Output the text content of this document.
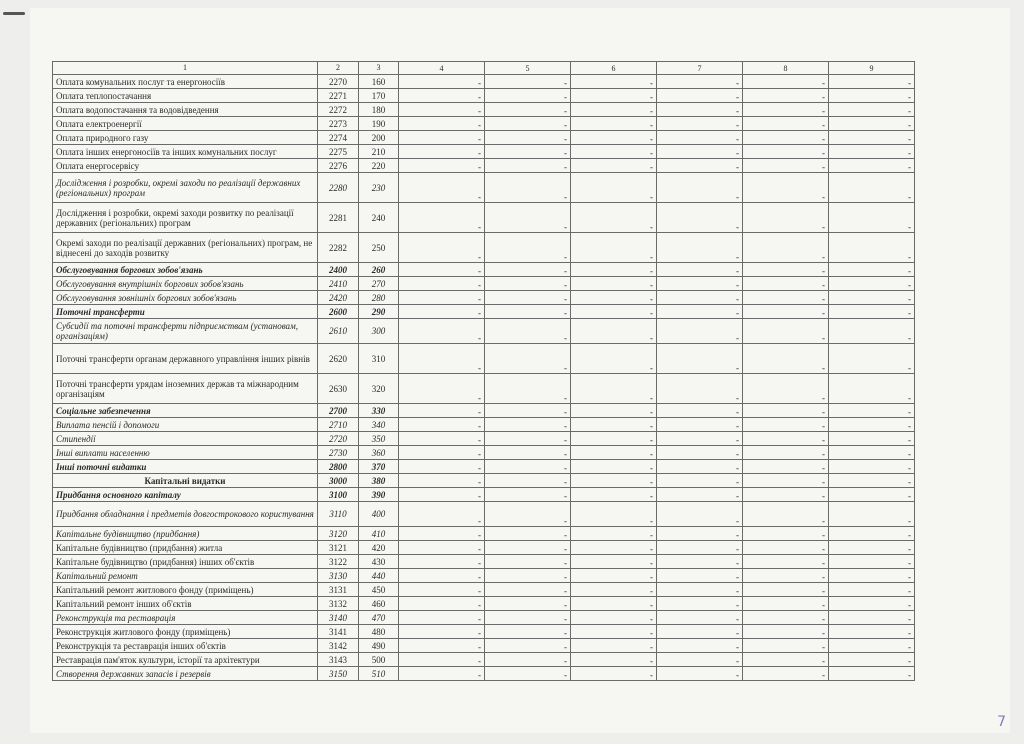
1	2	3	4	5	6	7	8	9
Оплата комунальних послуг та енергоносіїв	2270	160	-	-	-	-	-	-
Оплата теплопостачання	2271	170	-	-	-	-	-	-
Оплата водопостачання та водовідведення	2272	180	-	-	-	-	-	-
Оплата електроенергії	2273	190	-	-	-	-	-	-
Оплата природного газу	2274	200	-	-	-	-	-	-
Оплата інших енергоносіїв та інших комунальних послуг	2275	210	-	-	-	-	-	-
Оплата енергосервісу	2276	220	-	-	-	-	-	-
Дослідження і розробки, окремі заходи по реалізації державних (регіональних) програм	2280	230	-	-	-	-	-	-
Дослідження і розробки, окремі заходи розвитку по реалізації державних (регіональних) програм	2281	240	-	-	-	-	-	-
Окремі заходи по реалізації державних (регіональних) програм, не віднесені до заходів розвитку	2282	250	-	-	-	-	-	-
Обслуговування боргових зобов'язань	2400	260	-	-	-	-	-	-
Обслуговування внутрішніх боргових зобов'язань	2410	270	-	-	-	-	-	-
Обслуговування зовнішніх боргових зобов'язань	2420	280	-	-	-	-	-	-
Поточні трансферти	2600	290	-	-	-	-	-	-
Субсидії та поточні трансферти підприємствам (установам, організаціям)	2610	300	-	-	-	-	-	-
Поточні трансферти органам державного управління інших рівнів	2620	310	-	-	-	-	-	-
Поточні трансферти урядам іноземних держав та міжнародним організаціям	2630	320	-	-	-	-	-	-
Соціальне забезпечення	2700	330	-	-	-	-	-	-
Виплата пенсій і допомоги	2710	340	-	-	-	-	-	-
Стипендії	2720	350	-	-	-	-	-	-
Інші виплати населенню	2730	360	-	-	-	-	-	-
Інші поточні видатки	2800	370	-	-	-	-	-	-
Капітальні видатки	3000	380	-	-	-	-	-	-
Придбання основного капіталу	3100	390	-	-	-	-	-	-
Придбання обладнання і предметів довгострокового користування	3110	400	-	-	-	-	-	-
Капітальне будівництво (придбання)	3120	410	-	-	-	-	-	-
Капітальне будівництво (придбання) житла	3121	420	-	-	-	-	-	-
Капітальне будівництво (придбання) інших об'єктів	3122	430	-	-	-	-	-	-
Капітальний ремонт	3130	440	-	-	-	-	-	-
Капітальний ремонт житлового фонду (приміщень)	3131	450	-	-	-	-	-	-
Капітальний ремонт інших об'єктів	3132	460	-	-	-	-	-	-
Реконструкція та реставрація	3140	470	-	-	-	-	-	-
Реконструкція житлового фонду (приміщень)	3141	480	-	-	-	-	-	-
Реконструкція та реставрація інших об'єктів	3142	490	-	-	-	-	-	-
Реставрація пам'яток культури, історії та архітектури	3143	500	-	-	-	-	-	-
Створення державних запасів і резервів	3150	510	-	-	-	-	-	-
7
